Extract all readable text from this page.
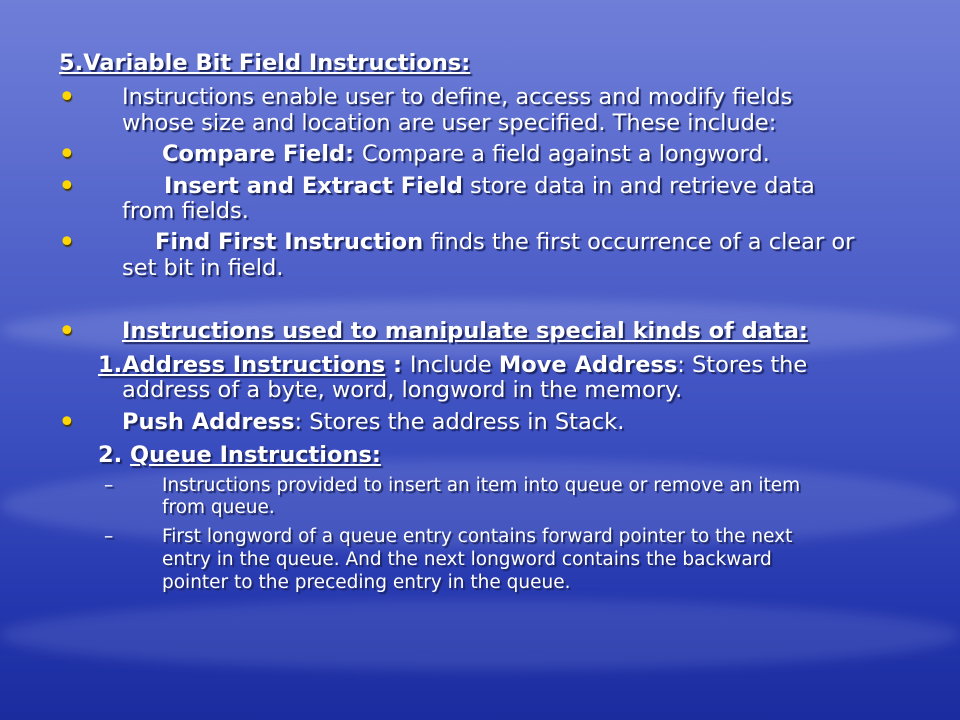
5.Variable Bit Field Instructions:
• Instructions enable user to define, access and modify fields
whose size and location are user specified. These include:
•	Compare Field: Compare a field against a longword.
•	Insert and Extract Field store data in and retrieve data
from fields.
•	Find First Instruction finds the first occurrence of a clear or
set bit in field.
• Instructions used to manipulate special kinds of data:
1.Address Instructions : Include Move Address: Stores the
address of a byte, word, longword in the memory.
• Push Address: Stores the address in Stack.
2. Queue Instructions:
–	Instructions provided to insert an item into queue or remove an item
from queue.
–	First longword of a queue entry contains forward pointer to the next
entry in the queue. And the next longword contains the backward
pointer to the preceding entry in the queue.
